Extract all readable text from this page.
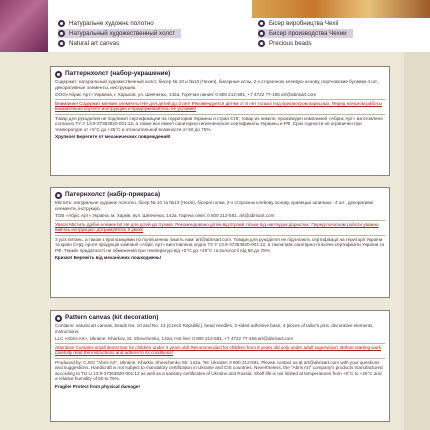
Натуральне художнє полотно
Натуральный художественный холст
Natural art canvas
Бісер виробництва Чехії
Бисер производства Чехии
Precious beads
Паттернхолст (набор-украшение)
Содержит: натуральный художественный холст, бисер № 10 и №13 (Чехия), бисерные иглы, 2-х сторонною клеевую основу, портновские булавки 4 шт., декоративные элементы, инструкцию.
ООО«Абрис Арт» Украина, г. Харьков, ул. Шевченко, 142а. Горячая линия: 0 800 212-581, +7 4722 77-166 art@abrisart.com
Внимание! Содержит мелкие элементы! Не для детей до 3 лет! Рекомендуется детям от 8 лет только под присмотром взрослых. Перед началом работы внимательно изучите инструкцию и придерживайтесь ее условий!
Товар для рукоделия не подлежит сертификации на территории Украины и стран СНГ, товар из никеля, произведен компанией «Абрис Арт» изготовлено согласно ТУ У 13.9-37363920-001:12, а также все имеет санитарно-гигиеническое сертификаты Украины и РФ. Срок годности не ограничен при температуре от +5°С до +25°С и относительной влажности от 50 до 75%.
Хрупкое! Берегите от механических повреждений!
Патернхолст (набір-прикраса)
Містить: натуральне художнє полотно, бісер № 10 та №13 (Чехія), бісерні голки, 2-х сторонню клейову основу, кравецькі шпильки - 4 шт., декоративні елементи, інструкцію.
ТОВ «Абріс Арт» Україна, м. Харків, вул. Шевченка, 142а. Гаряча лінія: 0 800 212-581, art@abrisart.com
Увага! Містить дрібні елементи! Не для дітей до 3 років. Рекомендовано дітям від 8 років тільки під наглядом дорослих. Перед початком роботи уважно вивчіть інструкцію і дотримуйтесь її умов!
3 усіх питань, а також з пропозиціями по поліпшенню пишіть нам: art@abrisart.com. Товари для рукоділля не підлягають сертифікації на території України та країн СНД, проте продукція компанії «Абріс Арт» виготовлена згідно ТУ У 13.9-37363920-001:12, а також має санітарно-гігієнічні сертифікати України та РФ. Термін придатності не обмежений при температурі від +5°С до +25°С та вологості від 50 до 75%.
Крихке! Бережіть від механічних пошкоджень!
Pattern canvas (kit decoration)
Contains: natural art canvas, beads No. 10 and No. 13 (Czech Republic), bead needles, 2-sided adhesive base, 4 pieces of tailor's pins, decorative elements, instructions.
LLC «Abris Art», Ukraine, Kharkov, St. Shevchenko, 142a. Hot line: 0 800 212-581, +7 4722 77-166 art@abrisart.com
Attention! Contains small items! Not for children under 3 years old! Recommended for children from 8 years old only under adult supervision. Before starting work carefully read the instructions and adhere to its conditions!
Produced by: CJSC "Abris Art", Ukraine, Kharkiv, Shevchenko Str. 142a. Tel. Ukraine: 0 800 212-581. Please contact us at art@abrisart.com with your questions and suggestions. Handicraft is not subject to mandatory certification in Ukraine and CIS countries. Nevertheless, the "Abris Art" company's products manufactured according to TU U 13.9-37363920-001:12 as well as a sanitary certificates of Ukraine and Russia. Shelf life is not limited at temperatures from +5°C to +25°C and a relative humidity of 50 to 75%.
Fragile! Protect from physical damage!
